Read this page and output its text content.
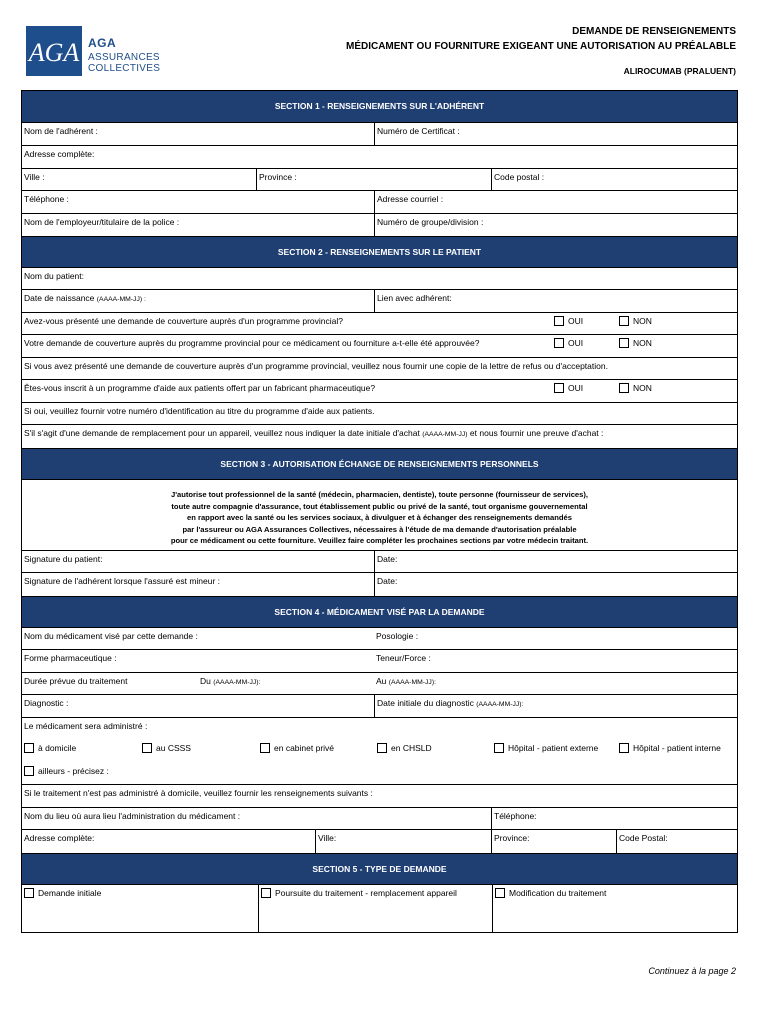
AGA AGA
ASSURANCES
COLLECTIVES
DEMANDE DE RENSEIGNEMENTS
MÉDICAMENT OU FOURNITURE EXIGEANT UNE AUTORISATION AU PRÉALABLE
ALIROCUMAB (PRALUENT)
SECTION 1 - RENSEIGNEMENTS SUR L'ADHÉRENT
Nom de l'adhérent :	Numéro de Certificat :
Adresse complète:
Ville :	Province :	Code postal :
Téléphone :	Adresse courriel :
Nom de l'employeur/titulaire de la police :	Numéro de groupe/division :
SECTION 2 - RENSEIGNEMENTS SUR LE PATIENT
Nom du patient:
Date de naissance (AAAA-MM-JJ) :	Lien avec adhérent:
Avez-vous présenté une demande de couverture auprès d'un programme provincial?	OUI	NON
Votre demande de couverture auprès du programme provincial pour ce médicament ou fourniture a-t-elle été approuvée?	OUI	NON
Si vous avez présenté une demande de couverture auprès d'un programme provincial, veuillez nous fournir une copie de la lettre de refus ou d'acceptation.
Êtes-vous inscrit à un programme d'aide aux patients offert par un fabricant pharmaceutique?	OUI	NON
Si oui, veuillez fournir votre numéro d'identification au titre du programme d'aide aux patients.
S'il s'agit d'une demande de remplacement pour un appareil, veuillez nous indiquer la date initiale d'achat (AAAA-MM-JJ) et nous fournir une preuve d'achat :
SECTION 3 - AUTORISATION ÉCHANGE DE RENSEIGNEMENTS PERSONNELS
J'autorise tout professionnel de la santé (médecin, pharmacien, dentiste), toute personne (fournisseur de services),
toute autre compagnie d'assurance, tout établissement public ou privé de la santé, tout organisme gouvernemental
en rapport avec la santé ou les services sociaux, à divulguer et à échanger des renseignements demandés
par l'assureur ou AGA Assurances Collectives, nécessaires à l'étude de ma demande d'autorisation préalable
pour ce médicament ou cette fourniture. Veuillez faire compléter les prochaines sections par votre médecin traitant.
Signature du patient:	Date:
Signature de l'adhérent lorsque l'assuré est mineur :	Date:
SECTION 4 - MÉDICAMENT VISÉ PAR LA DEMANDE
Nom du médicament visé par cette demande :	Posologie :
Forme pharmaceutique :	Teneur/Force :
Durée prévue du traitement	Du (AAAA-MM-JJ):	Au (AAAA-MM-JJ):
Diagnostic :	Date initiale du diagnostic (AAAA-MM-JJ):
Le médicament sera administré :
à domicile	au CSSS	en cabinet privé	en CHSLD	Hôpital - patient externe	Hôpital - patient interne
ailleurs - précisez :
Si le traitement n'est pas administré à domicile, veuillez fournir les renseignements suivants :
Nom du lieu où aura lieu l'administration du médicament :	Téléphone:
Adresse complète:	Ville:	Province:	Code Postal:
SECTION 5 - TYPE DE DEMANDE
Demande initiale	Poursuite du traitement - remplacement appareil	Modification du traitement
Continuez à la page 2
